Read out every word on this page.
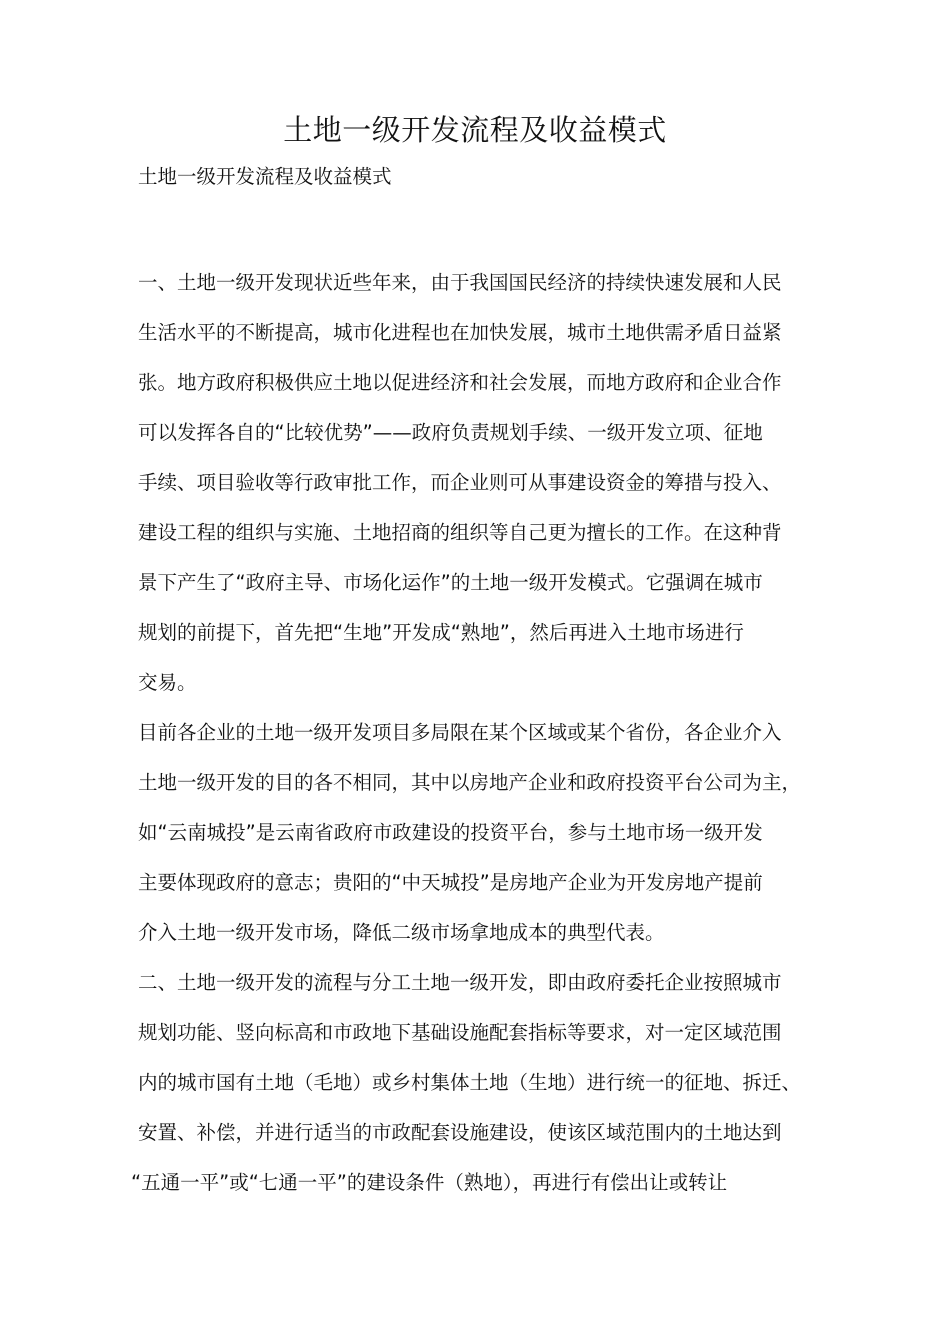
土地一级开发流程及收益模式

土地一级开发流程及收益模式

一、土地一级开发现状近些年来，由于我国国民经济的持续快速发展和人民
生活水平的不断提高，城市化进程也在加快发展，城市土地供需矛盾日益紧
张。地方政府积极供应土地以促进经济和社会发展，而地方政府和企业合作
可以发挥各自的“比较优势”——政府负责规划手续、一级开发立项、征地
手续、项目验收等行政审批工作，而企业则可从事建设资金的筹措与投入、
建设工程的组织与实施、土地招商的组织等自己更为擅长的工作。在这种背
景下产生了“政府主导、市场化运作”的土地一级开发模式。它强调在城市
规划的前提下，首先把“生地”开发成“熟地”，然后再进入土地市场进行
交易。

目前各企业的土地一级开发项目多局限在某个区域或某个省份，各企业介入
土地一级开发的目的各不相同，其中以房地产企业和政府投资平台公司为主，
如“云南城投”是云南省政府市政建设的投资平台，参与土地市场一级开发
主要体现政府的意志；贵阳的“中天城投”是房地产企业为开发房地产提前
介入土地一级开发市场，降低二级市场拿地成本的典型代表。

二、土地一级开发的流程与分工土地一级开发，即由政府委托企业按照城市
规划功能、竖向标高和市政地下基础设施配套指标等要求，对一定区域范围
内的城市国有土地（毛地）或乡村集体土地（生地）进行统一的征地、拆迁、
安置、补偿，并进行适当的市政配套设施建设，使该区域范围内的土地达到
“五通一平”或“七通一平”的建设条件（熟地），再进行有偿出让或转让
